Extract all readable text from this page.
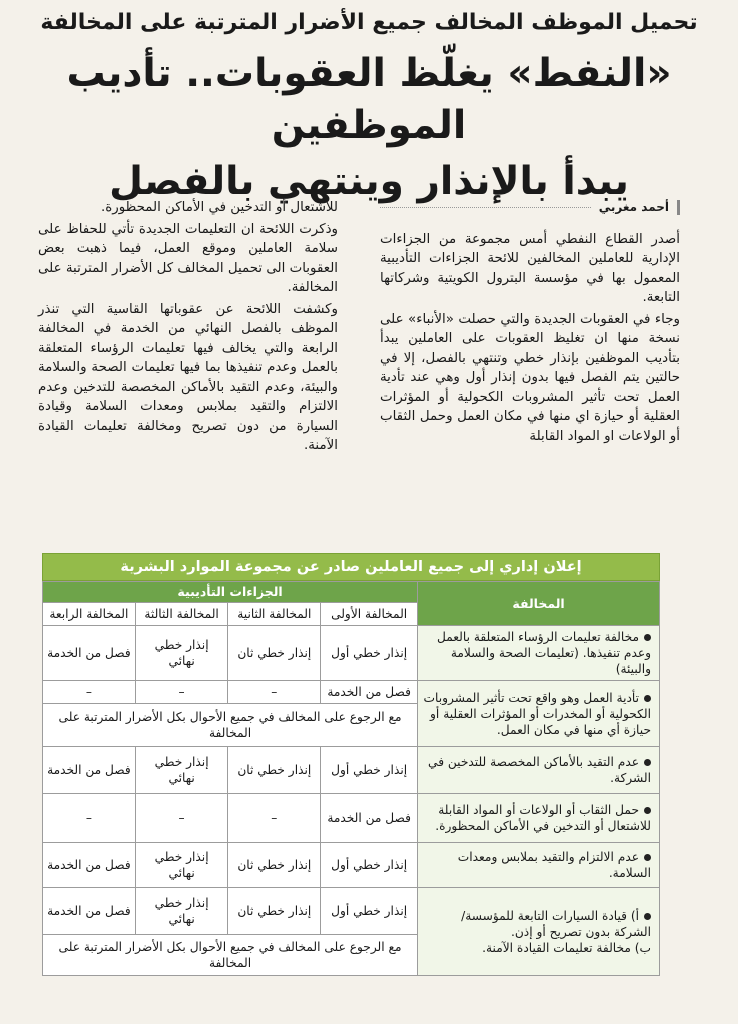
تحميل الموظف المخالف جميع الأضرار المترتبة على المخالفة

«النفط» يغلّظ العقوبات.. تأديب الموظفين

يبدأ بالإنذار وينتهي بالفصل

أحمد مغربي

أصدر القطاع النفطي أمس مجموعة من الجزاءات الإدارية للعاملين المخالفين للائحة الجزاءات التأديبية المعمول بها في مؤسسة البترول الكويتية وشركاتها التابعة.

وجاء في العقوبات الجديدة والتي حصلت «الأنباء» على نسخة منها ان تغليظ العقوبات على العاملين يبدأ بتأديب الموظفين بإنذار خطي وتنتهي بالفصل، إلا في حالتين يتم الفصل فيها بدون إنذار أول وهي عند تأدية العمل تحت تأثير المشروبات الكحولية أو المؤثرات العقلية أو حيازة اي منها في مكان العمل وحمل الثقاب أو الولاعات او المواد القابلة

للاشتعال أو التدخين في الأماكن المحظورة.

وذكرت اللائحة ان التعليمات الجديدة تأتي للحفاظ على سلامة العاملين وموقع العمل، فيما ذهبت بعض العقوبات الى تحميل المخالف كل الأضرار المترتبة على المخالفة.

وكشفت اللائحة عن عقوباتها القاسية التي تنذر الموظف بالفصل النهائي من الخدمة في المخالفة الرابعة والتي يخالف فيها تعليمات الرؤساء المتعلقة بالعمل وعدم تنفيذها بما فيها تعليمات الصحة والسلامة والبيئة، وعدم التقيد بالأماكن المخصصة للتدخين وعدم الالتزام والتقيد بملابس ومعدات السلامة وقيادة السيارة من دون تصريح ومخالفة تعليمات القيادة الآمنة.

إعلان إداري إلى جميع العاملين صادر عن مجموعة الموارد البشرية
المخالفة	الجزاءات التأديبية			
	المخالفة الأولى	المخالفة الثانية	المخالفة الثالثة	المخالفة الرابعة
مخالفة تعليمات الرؤساء المتعلقة بالعمل وعدم تنفيذها. (تعليمات الصحة والسلامة والبيئة)	إنذار خطي أول	إنذار خطي ثان	إنذار خطي نهائي	فصل من الخدمة
تأدية العمل وهو واقع تحت تأثير المشروبات الكحولية أو المخدرات أو المؤثرات العقلية أو حيازة أي منها في مكان العمل.	فصل من الخدمة	–	–	–
	مع الرجوع على المخالف في جميع الأحوال بكل الأضرار المترتبة على المخالفة			
عدم التقيد بالأماكن المخصصة للتدخين في الشركة.	إنذار خطي أول	إنذار خطي ثان	إنذار خطي نهائي	فصل من الخدمة
حمل الثقاب أو الولاعات أو المواد القابلة للاشتعال أو التدخين في الأماكن المحظورة.	فصل من الخدمة	–	–	–
عدم الالتزام والتقيد بملابس ومعدات السلامة.	إنذار خطي أول	إنذار خطي ثان	إنذار خطي نهائي	فصل من الخدمة
أ) قيادة السيارات التابعة للمؤسسة/ الشركة بدون تصريح أو إذن.
ب) مخالفة تعليمات القيادة الآمنة.	إنذار خطي أول	إنذار خطي ثان	إنذار خطي نهائي	فصل من الخدمة
	مع الرجوع على المخالف في جميع الأحوال بكل الأضرار المترتبة على المخالفة			
